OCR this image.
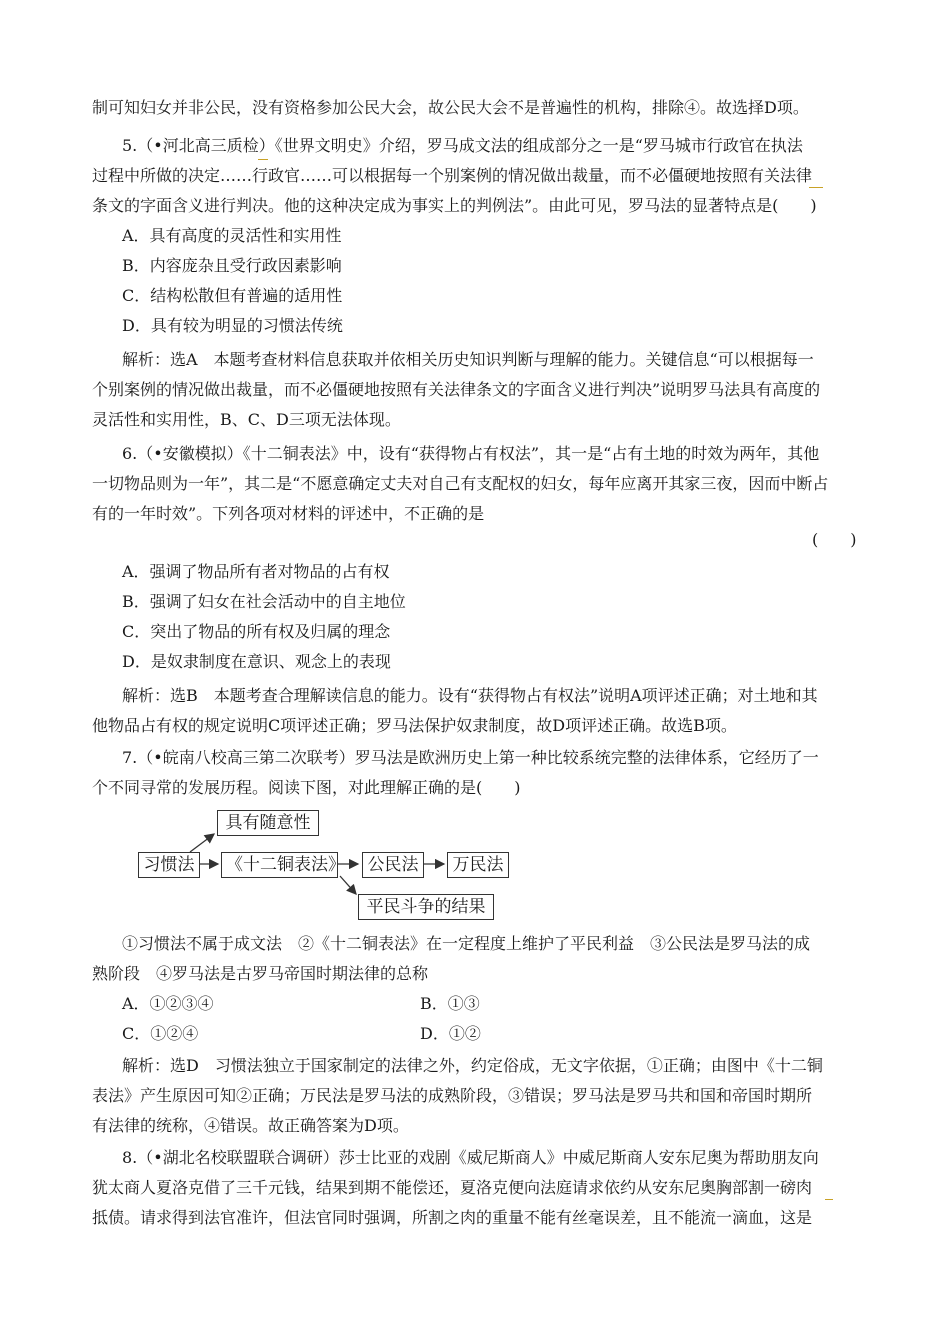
制可知妇女并非公民，没有资格参加公民大会，故公民大会不是普遍性的机构，排除④。故选择D项。
5.（•河北高三质检）《世界文明史》介绍，罗马成文法的组成部分之一是“罗马城市行政官在执法
过程中所做的决定……行政官……可以根据每一个别案例的情况做出裁量，而不必僵硬地按照有关法律
条文的字面含义进行判决。他的这种决定成为事实上的判例法”。由此可见，罗马法的显著特点是(　　)
A．具有高度的灵活性和实用性
B．内容庞杂且受行政因素影响
C．结构松散但有普遍的适用性
D．具有较为明显的习惯法传统
解析：选A　本题考查材料信息获取并依相关历史知识判断与理解的能力。关键信息“可以根据每一
个别案例的情况做出裁量，而不必僵硬地按照有关法律条文的字面含义进行判决”说明罗马法具有高度的
灵活性和实用性，B、C、D三项无法体现。
6.（•安徽模拟）《十二铜表法》中，设有“获得物占有权法”，其一是“占有土地的时效为两年，其他
一切物品则为一年”，其二是“不愿意确定丈夫对自己有支配权的妇女，每年应离开其家三夜，因而中断占
有的一年时效”。下列各项对材料的评述中，不正确的是
(　　)
A．强调了物品所有者对物品的占有权
B．强调了妇女在社会活动中的自主地位
C．突出了物品的所有权及归属的理念
D．是奴隶制度在意识、观念上的表现
解析：选B　本题考查合理解读信息的能力。设有“获得物占有权法”说明A项评述正确；对土地和其
他物品占有权的规定说明C项评述正确；罗马法保护奴隶制度，故D项评述正确。故选B项。
7.（•皖南八校高三第二次联考）罗马法是欧洲历史上第一种比较系统完整的法律体系，它经历了一
个不同寻常的发展历程。阅读下图，对此理解正确的是(　　)
具有随意性
习惯法	《十二铜表法》	公民法	万民法
平民斗争的结果
①习惯法不属于成文法　②《十二铜表法》在一定程度上维护了平民利益　③公民法是罗马法的成
熟阶段　④罗马法是古罗马帝国时期法律的总称
A．①②③④	B．①③
C．①②④	D．①②
解析：选D　习惯法独立于国家制定的法律之外，约定俗成，无文字依据，①正确；由图中《十二铜
表法》产生原因可知②正确；万民法是罗马法的成熟阶段，③错误；罗马法是罗马共和国和帝国时期所
有法律的统称，④错误。故正确答案为D项。
8.（•湖北名校联盟联合调研）莎士比亚的戏剧《威尼斯商人》中威尼斯商人安东尼奥为帮助朋友向
犹太商人夏洛克借了三千元钱，结果到期不能偿还，夏洛克便向法庭请求依约从安东尼奥胸部割一磅肉
抵债。请求得到法官准许，但法官同时强调，所割之肉的重量不能有丝毫误差，且不能流一滴血，这是
